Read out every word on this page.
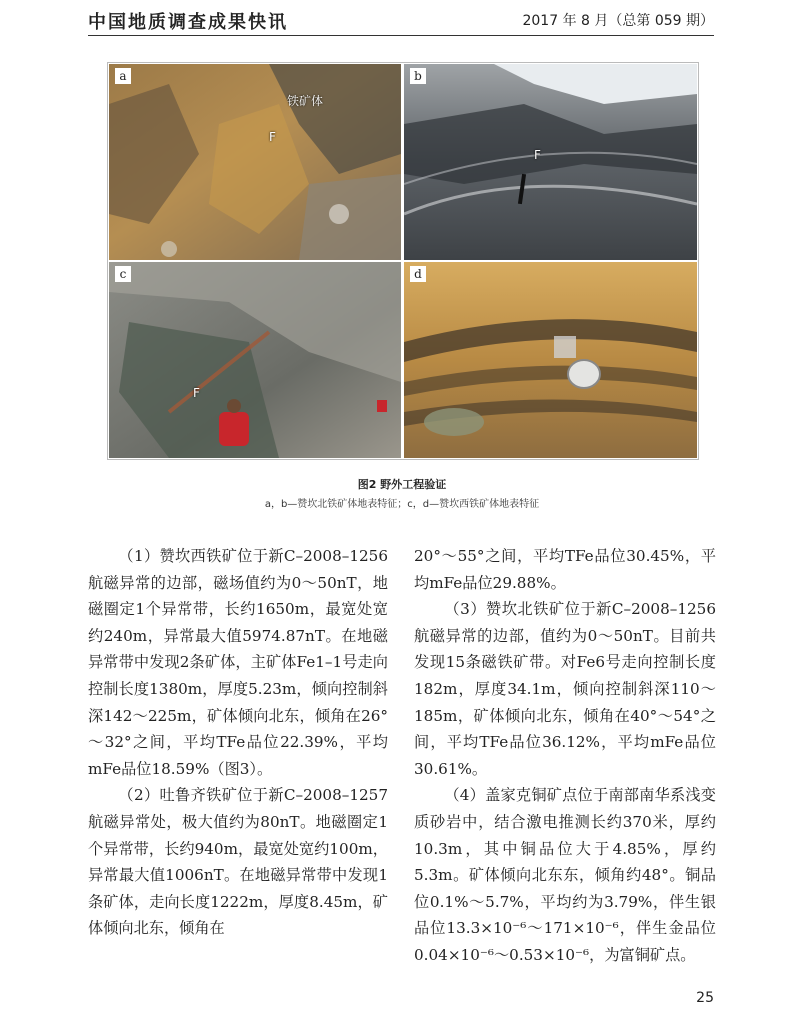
中国地质调查成果快讯	2017 年 8 月（总第 059 期）
a
铁矿体
F
b
F
c
F
d
图2 野外工程验证
a，b—赞坎北铁矿体地表特征；c，d—赞坎西铁矿体地表特征

（1）赞坎西铁矿位于新C–2008–1256航磁异常的边部，磁场值约为0～50nT，地磁圈定1个异常带，长约1650m，最宽处宽约240m，异常最大值5974.87nT。在地磁异常带中发现2条矿体，主矿体Fe1–1号走向控制长度1380m，厚度5.23m，倾向控制斜深142～225m，矿体倾向北东，倾角在26°～32°之间，平均TFe品位22.39%，平均mFe品位18.59%（图3）。

（2）吐鲁齐铁矿位于新C–2008–1257航磁异常处，极大值约为80nT。地磁圈定1个异常带，长约940m，最宽处宽约100m，异常最大值1006nT。在地磁异常带中发现1条矿体，走向长度1222m，厚度8.45m，矿体倾向北东，倾角在

20°～55°之间，平均TFe品位30.45%，平均mFe品位29.88%。

（3）赞坎北铁矿位于新C–2008–1256航磁异常的边部，值约为0～50nT。目前共发现15条磁铁矿带。对Fe6号走向控制长度182m，厚度34.1m，倾向控制斜深110～185m，矿体倾向北东，倾角在40°～54°之间，平均TFe品位36.12%，平均mFe品位30.61%。

（4）盖家克铜矿点位于南部南华系浅变质砂岩中，结合激电推测长约370米，厚约10.3m，其中铜品位大于4.85%，厚约5.3m。矿体倾向北东东，倾角约48°。铜品位0.1%～5.7%，平均约为3.79%，伴生银品位13.3×10⁻⁶～171×10⁻⁶，伴生金品位0.04×10⁻⁶～0.53×10⁻⁶，为富铜矿点。

25
